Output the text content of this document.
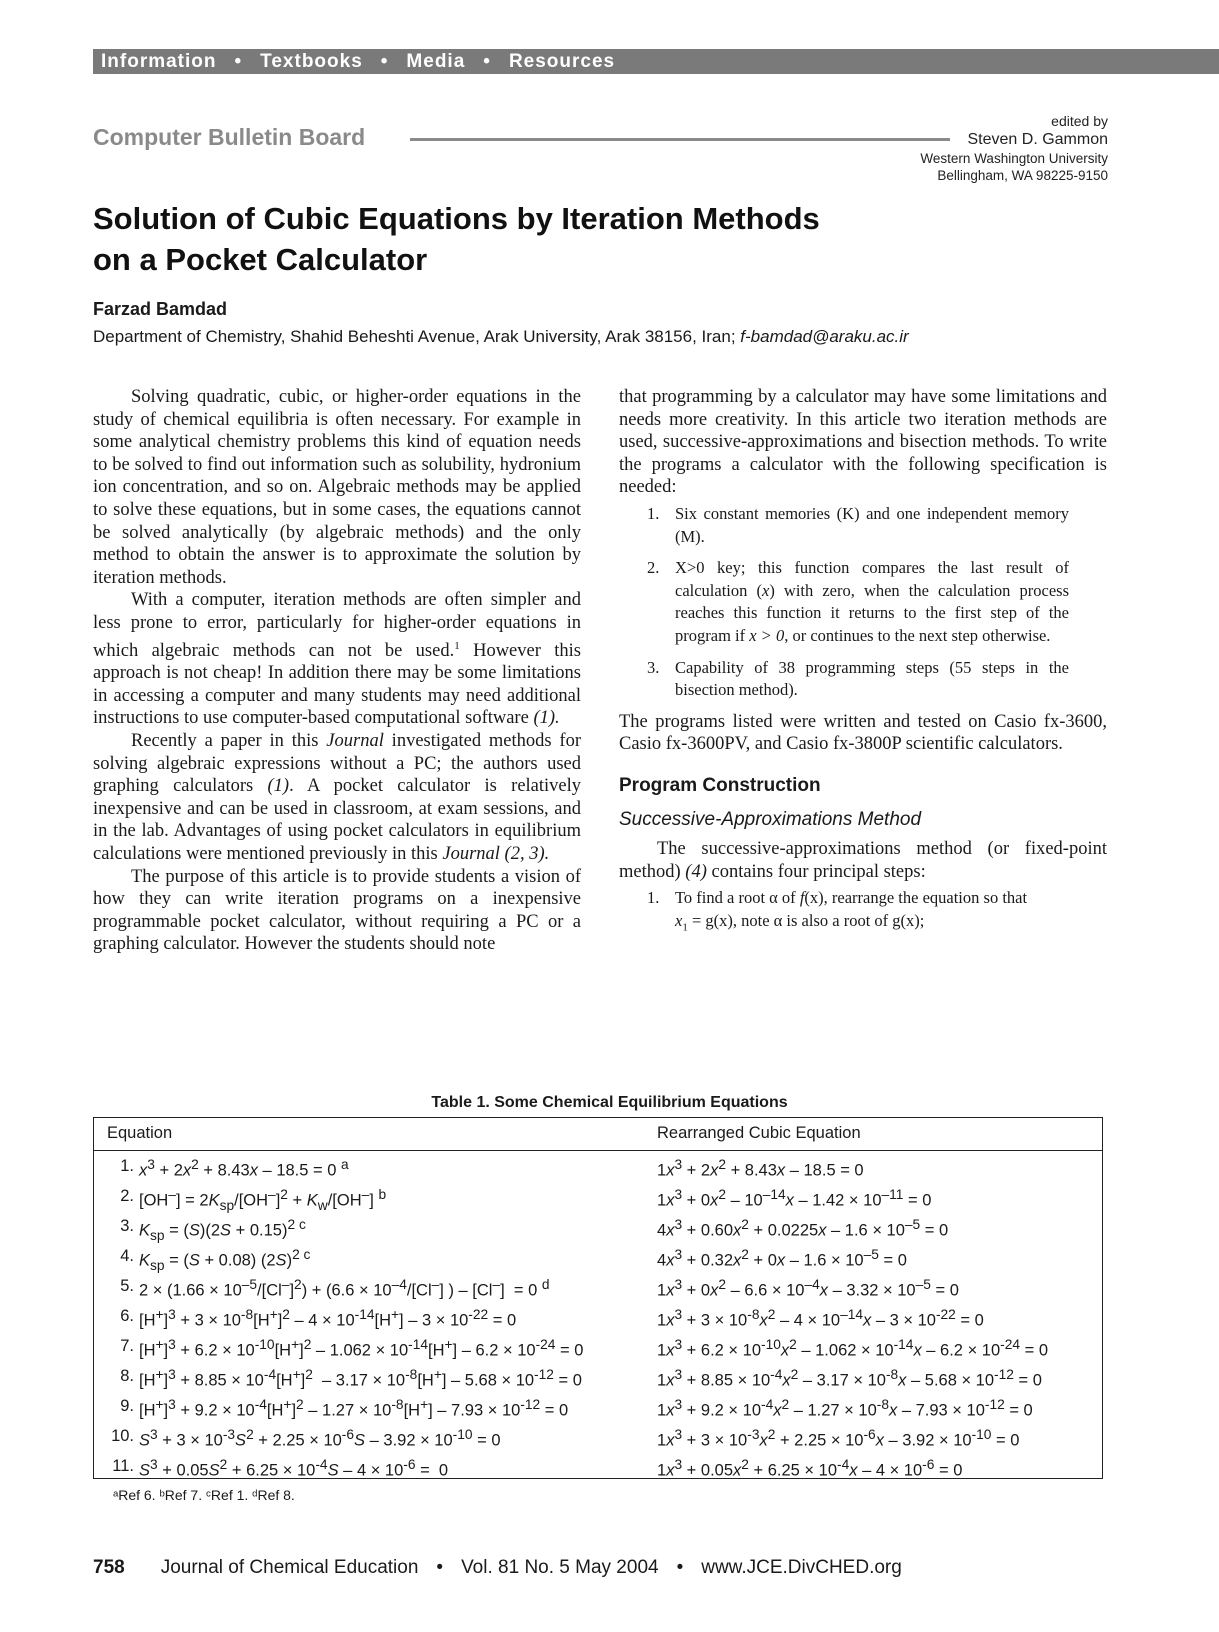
Information • Textbooks • Media • Resources
Computer Bulletin Board
edited by
Steven D. Gammon
Western Washington University
Bellingham, WA 98225-9150
Solution of Cubic Equations by Iteration Methods
on a Pocket Calculator
Farzad Bamdad
Department of Chemistry, Shahid Beheshti Avenue, Arak University, Arak 38156, Iran; f-bamdad@araku.ac.ir

Solving quadratic, cubic, or higher-order equations in the study of chemical equilibria is often necessary. For example in some analytical chemistry problems this kind of equation needs to be solved to find out information such as solubility, hydronium ion concentration, and so on. Algebraic methods may be applied to solve these equations, but in some cases, the equations cannot be solved analytically (by algebraic methods) and the only method to obtain the answer is to approximate the solution by iteration methods.

With a computer, iteration methods are often simpler and less prone to error, particularly for higher-order equations in which algebraic methods can not be used.$^1$ However this approach is not cheap! In addition there may be some limitations in accessing a computer and many students may need additional instructions to use computer-based computational software (1).

Recently a paper in this Journal investigated methods for solving algebraic expressions without a PC; the authors used graphing calculators (1). A pocket calculator is relatively inexpensive and can be used in classroom, at exam sessions, and in the lab. Advantages of using pocket calculators in equilibrium calculations were mentioned previously in this Journal (2, 3).

The purpose of this article is to provide students a vision of how they can write iteration programs on a inexpensive programmable pocket calculator, without requiring a PC or a graphing calculator. However the students should note

that programming by a calculator may have some limitations and needs more creativity. In this article two iteration methods are used, successive-approximations and bisection methods. To write the programs a calculator with the following specification is needed:

1. Six constant memories (K) and one independent memory (M).
2. X>0 key; this function compares the last result of calculation (x) with zero, when the calculation process reaches this function it returns to the first step of the program if x > 0, or continues to the next step otherwise.
3. Capability of 38 programming steps (55 steps in the bisection method).

The programs listed were written and tested on Casio fx-3600, Casio fx-3600PV, and Casio fx-3800P scientific calculators.

Program Construction
Successive-Approximations Method

The successive-approximations method (or fixed-point method) (4) contains four principal steps:

1. To find a root α of f(x), rearrange the equation so that
$x_1 = g(x)$, note α is also a root of g(x);
Table 1. Some Chemical Equilibrium Equations
Equation	Rearranged Cubic Equation
1. $x^3 + 2x^2 + 8.43x - 18.5 = 0$ $^a$	$1x^3 + 2x^2 + 8.43x - 18.5 = 0$
2. $[OH^-] = 2K_{sp}/[OH^-]^2 + K_w/[OH^-]$ $^b$	$1x^3 + 0x^2 - 10^{-14}x - 1.42 \times 10^{-11} = 0$
3. $K_{sp} = (S)(2S + 0.15)^{2 c}$	$4x^3 + 0.60x^2 + 0.0225x - 1.6 \times 10^{-5} = 0$
4. $K_{sp} = (S + 0.08)$ $(2S)^{2 c}$	$4x^3 + 0.32x^2 + 0x - 1.6 \times 10^{-5} = 0$
5. $2 \times (1.66 \times 10^{-5}/[Cl^-]^2) + (6.6 \times 10^{-4}/[Cl^-]$ ) – [Cl–]  = 0 $^d$	$1x^3 + 0x^2 - 6.6 \times 10^{-4}x - 3.32 \times 10^{-5} = 0$
6. $[H^+]^3 + 3 \times 10^{-8}[H^+]^2 - 4 \times 10^{-14}[H^+] - 3 \times 10^{-22} = 0$	$1x^3 + 3 \times 10^{-8}x^2 - 4 \times 10^{-14}x - 3 \times 10^{-22} = 0$
7. $[H^+]^3 + 6.2 \times 10^{-10}[H^+]^2 - 1.062 \times 10^{-14}[H^+] - 6.2 \times 10^{-24} = 0$	$1x^3 + 6.2 \times 10^{-10}x^2 - 1.062 \times 10^{-14}x - 6.2 \times 10^{-24} = 0$
8. $[H^+]^3 + 8.85 \times 10^{-4}[H^+]^2 - 3.17 \times 10^{-8}[H^+] - 5.68 \times 10^{-12} = 0$	$1x^3 + 8.85 \times 10^{-4}x^2 - 3.17 \times 10^{-8}x - 5.68 \times 10^{-12} = 0$
9. $[H^+]^3 + 9.2 \times 10^{-4}[H^+]^2 - 1.27 \times 10^{-8}[H^+] - 7.93 \times 10^{-12} = 0$	$1x^3 + 9.2 \times 10^{-4}x^2 - 1.27 \times 10^{-8}x - 7.93 \times 10^{-12} = 0$
10. $S^3 + 3 \times 10^{-3}S^2 + 2.25 \times 10^{-6}S - 3.92 \times 10^{-10} = 0$	$1x^3 + 3 \times 10^{-3}x^2 + 2.25 \times 10^{-6}x - 3.92 \times 10^{-10} = 0$
11. $S^3 + 0.05S^2 + 6.25 \times 10^{-4}S - 4 \times 10^{-6} = 0$	$1x^3 + 0.05x^2 + 6.25 \times 10^{-4}x - 4 \times 10^{-6} = 0$
ᵃRef 6. ᵇRef 7. ᶜRef 1. ᵈRef 8.
758 Journal of Chemical Education • Vol. 81 No. 5 May 2004 • www.JCE.DivCHED.org
